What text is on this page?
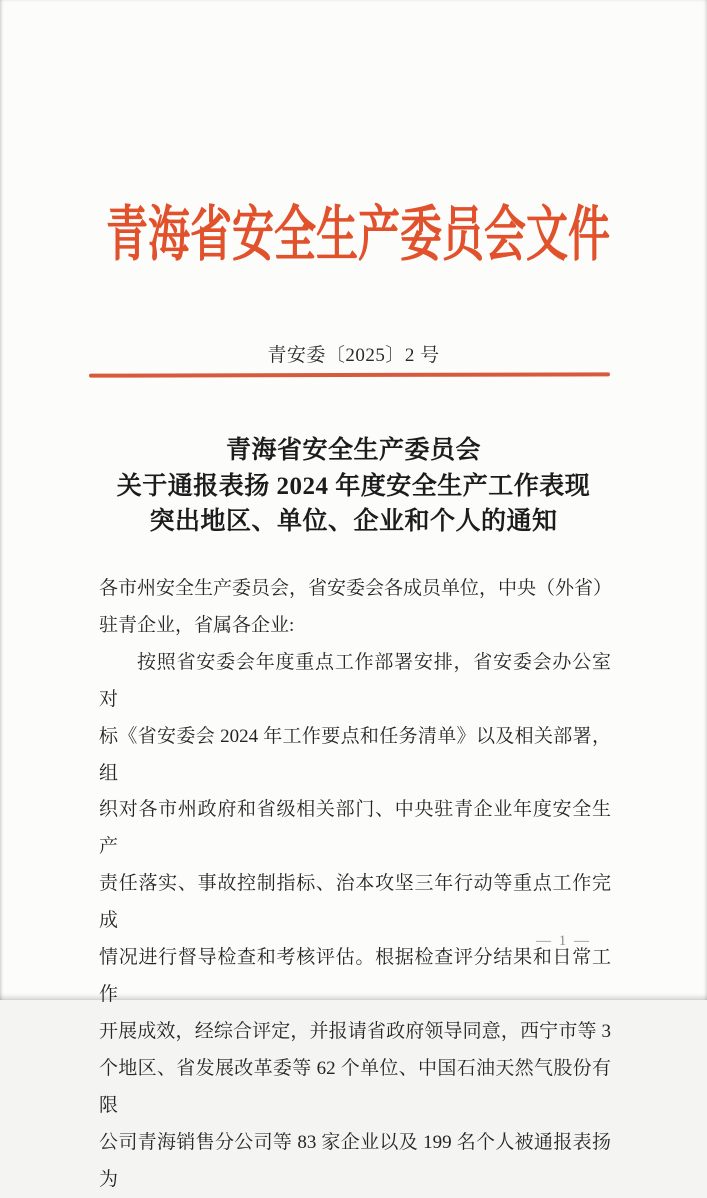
青海省安全生产委员会文件
青安委〔2025〕2 号
青海省安全生产委员会
关于通报表扬 2024 年度安全生产工作表现
突出地区、单位、企业和个人的通知
各市州安全生产委员会，省安委会各成员单位，中央（外省）
驻青企业，省属各企业:
按照省安委会年度重点工作部署安排，省安委会办公室对
标《省安委会 2024 年工作要点和任务清单》以及相关部署，组
织对各市州政府和省级相关部门、中央驻青企业年度安全生产
责任落实、事故控制指标、治本攻坚三年行动等重点工作完成
情况进行督导检查和考核评估。根据检查评分结果和日常工作
开展成效，经综合评定，并报请省政府领导同意，西宁市等 3
个地区、省发展改革委等 62 个单位、中国石油天然气股份有限
公司青海销售分公司等 83 家企业以及 199 名个人被通报表扬为
— 1 —
